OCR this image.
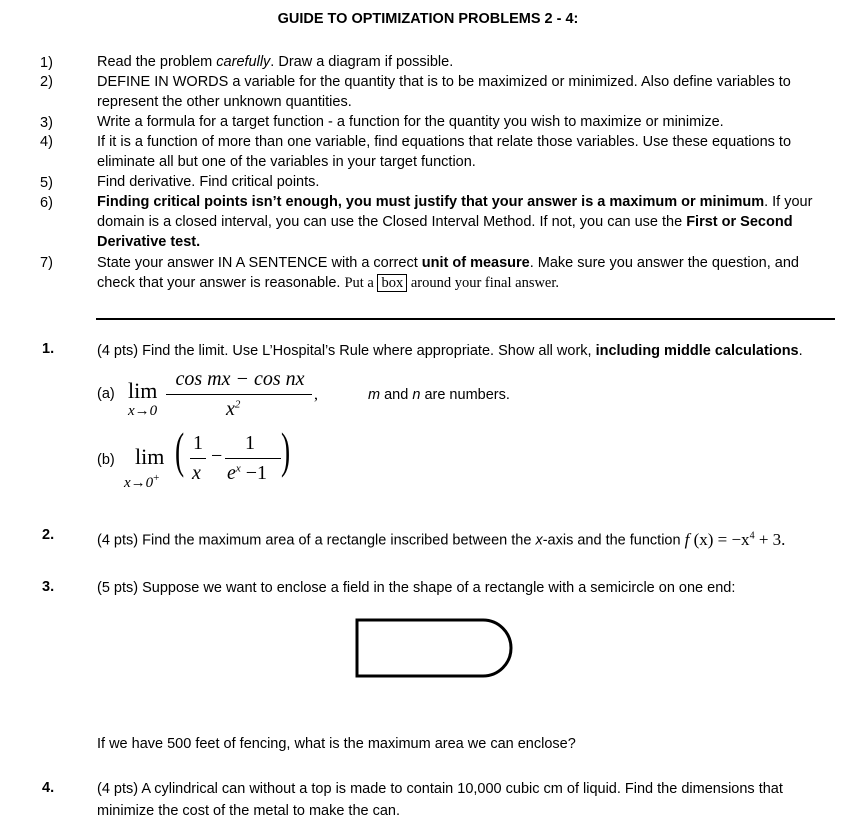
GUIDE TO OPTIMIZATION PROBLEMS 2 - 4:
1)
2)
3)
4)
5)
6)
7)
Read the problem carefully. Draw a diagram if possible.
DEFINE IN WORDS a variable for the quantity that is to be maximized or minimized. Also define variables to
represent the other unknown quantities.
Write a formula for a target function - a function for the quantity you wish to maximize or minimize.
If it is a function of more than one variable, find equations that relate those variables. Use these equations to
eliminate all but one of the variables in your target function.
Find derivative. Find critical points.
Finding critical points isn’t enough, you must justify that your answer is a maximum or minimum. If your
domain is a closed interval, you can use the Closed Interval Method. If not, you can use the First or Second
Derivative test.
State your answer IN A SENTENCE with a correct unit of measure. Make sure you answer the question, and
check that your answer is reasonable. Put a box around your final answer.
1.	(4 pts) Find the limit. Use L’Hospital’s Rule where appropriate. Show all work, including middle calculations.
(a) lim
x→0
cos mx − cos nx
$x^2$
,	m and n are numbers.
(b) lim
x→0+ ( 1
x
−
1
$e^x -1$ )
2.	(4 pts) Find the maximum area of a rectangle inscribed between the x-axis and the function f $(x) = -x^4 + 3$.
3.	(5 pts) Suppose we want to enclose a field in the shape of a rectangle with a semicircle on one end:
If we have 500 feet of fencing, what is the maximum area we can enclose?
4.	(4 pts) A cylindrical can without a top is made to contain 10,000 cubic cm of liquid. Find the dimensions that
minimize the cost of the metal to make the can.
